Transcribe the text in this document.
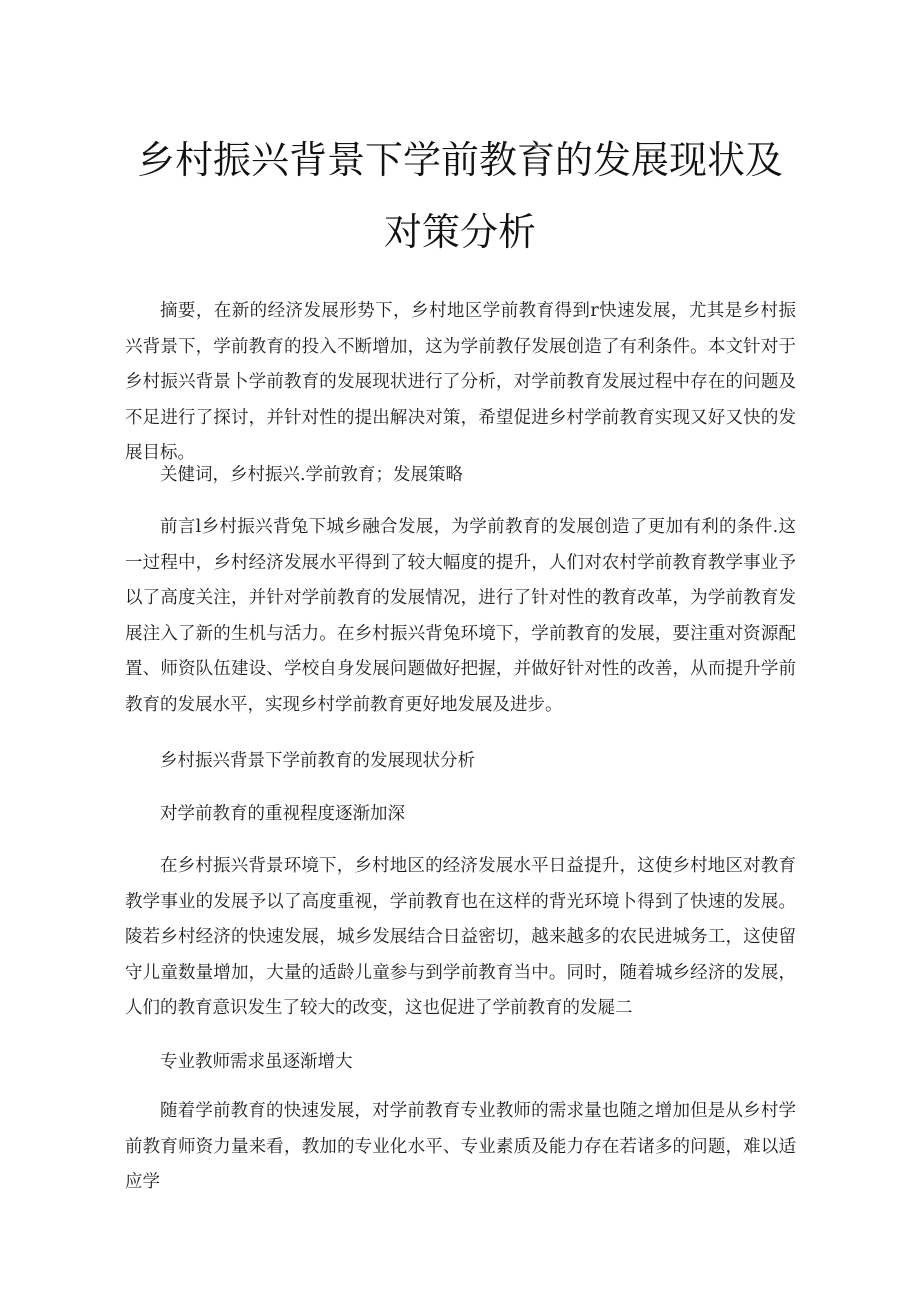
乡村振兴背景下学前教育的发展现状及
对策分析

摘要，在新的经济发展形势下，乡村地区学前教育得到r快速发展，尤其是乡村振兴背景下，学前教育的投入不断增加，这为学前教仔发展创造了有利条件。本文针对于乡村振兴背景卜学前教育的发展现状进行了分析，对学前教育发展过程中存在的问题及不足进行了探讨，并针对性的提出解决对策，希望促进乡村学前教育实现又好又快的发展目标。

关健词，乡村振兴.学前敦育；发展策略

前言l乡村振兴背兔下城乡融合发展，为学前教育的发展创造了更加有利的条件.这一过程中，乡村经济发展水平得到了较大幅度的提升，人们对农村学前教育教学事业予以了高度关注，并针对学前教育的发展情况，进行了针对性的教育改革，为学前教育发展注入了新的生机与活力。在乡村振兴背兔环境下，学前教育的发展，要注重对资源配置、师资队伍建设、学校自身发展问题做好把握，并做好针对性的改善，从而提升学前教育的发展水平，实现乡村学前教育更好地发展及进步。

乡村振兴背景下学前教育的发展现状分析

对学前教育的重视程度逐渐加深

在乡村振兴背景环境下，乡村地区的经济发展水平日益提升，这使乡村地区对教育教学事业的发展予以了高度重视，学前教育也在这样的背光环境卜得到了快速的发展。陵若乡村经济的快速发展，城乡发展结合日益密切，越来越多的农民进城务工，这使留守儿童数量增加，大量的适龄儿童参与到学前教育当中。同时，随着城乡经济的发展，人们的教育意识发生了较大的改变，这也促进了学前教育的发屣二

专业教师需求虽逐渐增大

随着学前教育的快速发展，对学前教育专业教师的需求量也随之增加但是从乡村学前教育师资力量来看，教加的专业化水平、专业素质及能力存在若诸多的问题，难以适应学
